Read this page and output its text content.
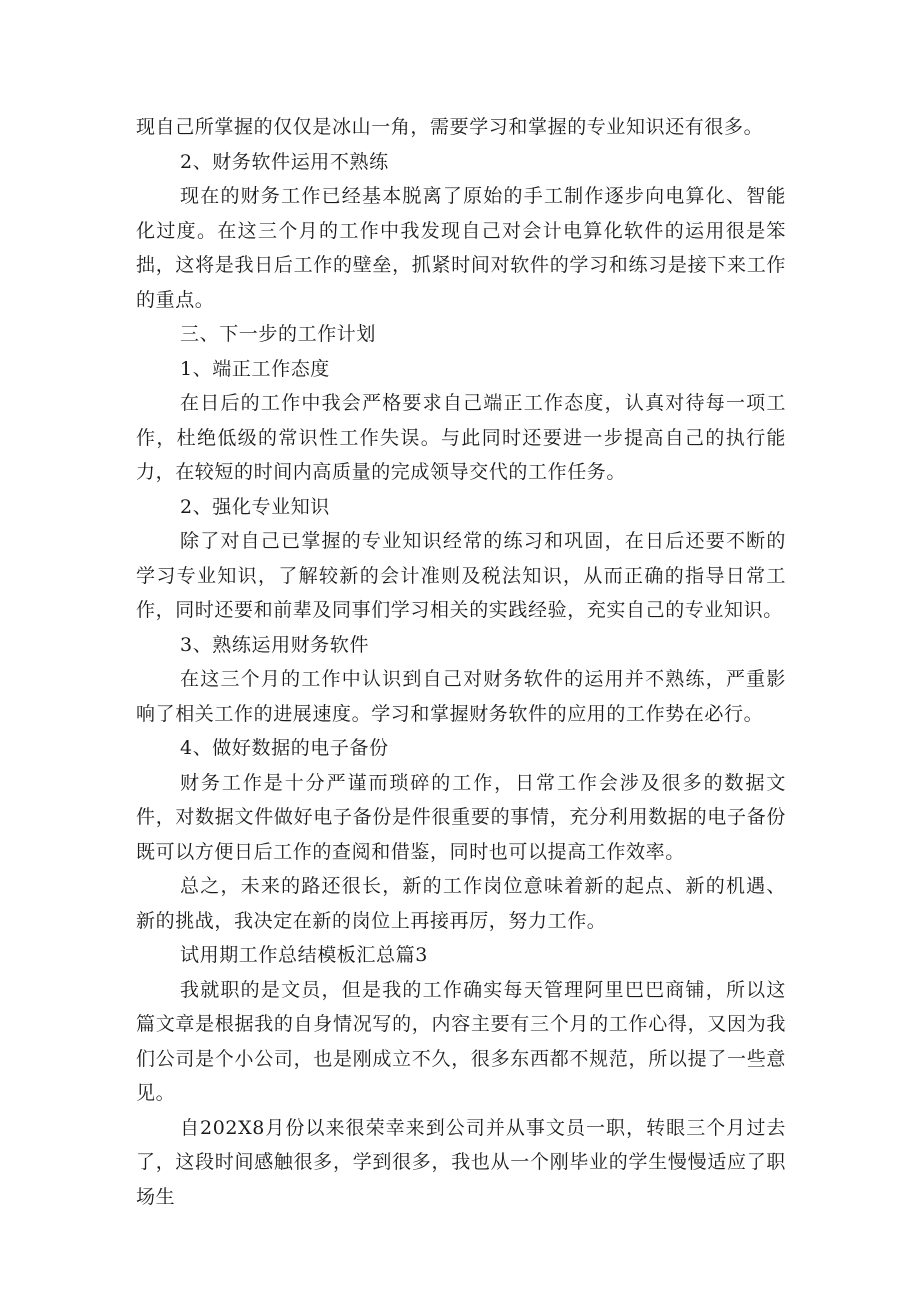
现自己所掌握的仅仅是冰山一角，需要学习和掌握的专业知识还有很多。

2、财务软件运用不熟练

现在的财务工作已经基本脱离了原始的手工制作逐步向电算化、智能化过度。在这三个月的工作中我发现自己对会计电算化软件的运用很是笨拙，这将是我日后工作的壁垒，抓紧时间对软件的学习和练习是接下来工作的重点。

三、下一步的工作计划

1、端正工作态度

在日后的工作中我会严格要求自己端正工作态度，认真对待每一项工作，杜绝低级的常识性工作失误。与此同时还要进一步提高自己的执行能力，在较短的时间内高质量的完成领导交代的工作任务。

2、强化专业知识

除了对自己已掌握的专业知识经常的练习和巩固，在日后还要不断的学习专业知识，了解较新的会计准则及税法知识，从而正确的指导日常工作，同时还要和前辈及同事们学习相关的实践经验，充实自己的专业知识。

3、熟练运用财务软件

在这三个月的工作中认识到自己对财务软件的运用并不熟练，严重影响了相关工作的进展速度。学习和掌握财务软件的应用的工作势在必行。

4、做好数据的电子备份

财务工作是十分严谨而琐碎的工作，日常工作会涉及很多的数据文件，对数据文件做好电子备份是件很重要的事情，充分利用数据的电子备份既可以方便日后工作的查阅和借鉴，同时也可以提高工作效率。

总之，未来的路还很长，新的工作岗位意味着新的起点、新的机遇、新的挑战，我决定在新的岗位上再接再厉，努力工作。

试用期工作总结模板汇总篇3

我就职的是文员，但是我的工作确实每天管理阿里巴巴商铺，所以这篇文章是根据我的自身情况写的，内容主要有三个月的工作心得，又因为我们公司是个小公司，也是刚成立不久，很多东西都不规范，所以提了一些意见。

自202X8月份以来很荣幸来到公司并从事文员一职，转眼三个月过去了，这段时间感触很多，学到很多，我也从一个刚毕业的学生慢慢适应了职场生
